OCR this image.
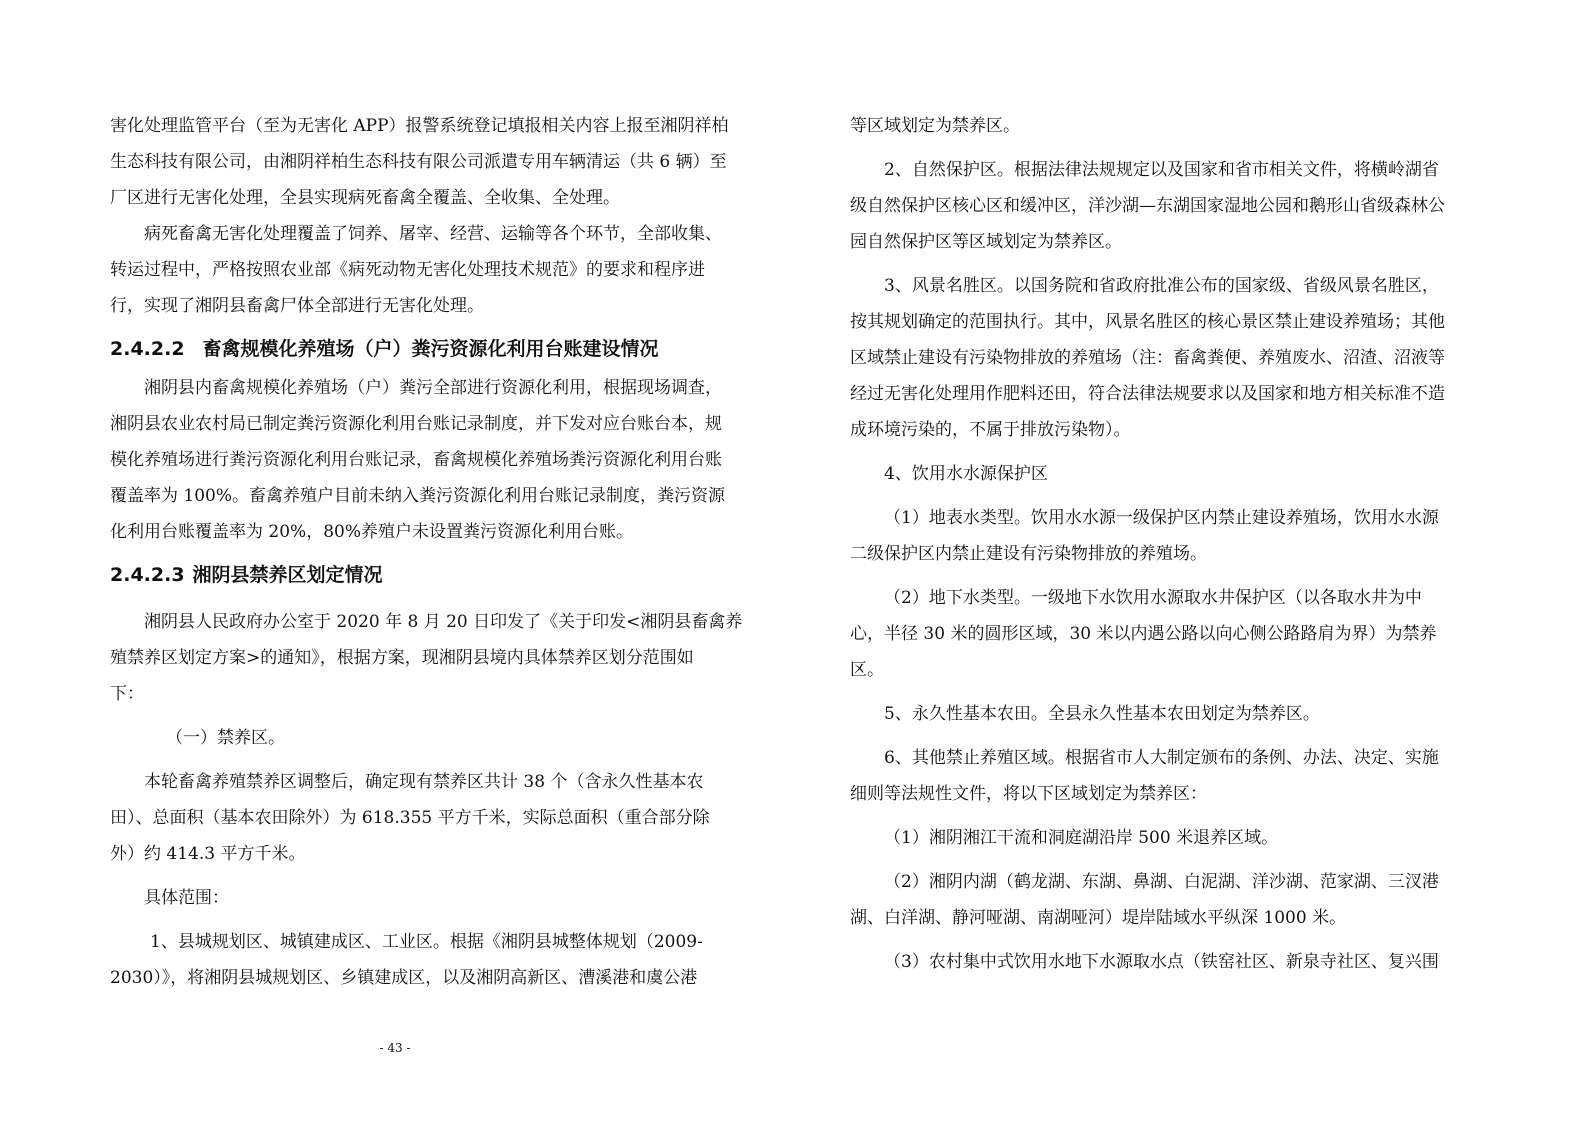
害化处理监管平台（至为无害化 APP）报警系统登记填报相关内容上报至湘阴祥柏
生态科技有限公司，由湘阴祥柏生态科技有限公司派遣专用车辆清运（共 6 辆）至
厂区进行无害化处理，全县实现病死畜禽全覆盖、全收集、全处理。
病死畜禽无害化处理覆盖了饲养、屠宰、经营、运输等各个环节，全部收集、
转运过程中，严格按照农业部《病死动物无害化处理技术规范》的要求和程序进
行，实现了湘阴县畜禽尸体全部进行无害化处理。
2.4.2.2 畜禽规模化养殖场（户）粪污资源化利用台账建设情况
湘阴县内畜禽规模化养殖场（户）粪污全部进行资源化利用，根据现场调查，
湘阴县农业农村局已制定粪污资源化利用台账记录制度，并下发对应台账台本，规
模化养殖场进行粪污资源化利用台账记录，畜禽规模化养殖场粪污资源化利用台账
覆盖率为 100%。畜禽养殖户目前未纳入粪污资源化利用台账记录制度，粪污资源
化利用台账覆盖率为 20%，80%养殖户未设置粪污资源化利用台账。
2.4.2.3 湘阴县禁养区划定情况
湘阴县人民政府办公室于 2020 年 8 月 20 日印发了《关于印发<湘阴县畜禽养
殖禁养区划定方案>的通知》，根据方案，现湘阴县境内具体禁养区划分范围如
下：
（一）禁养区。
本轮畜禽养殖禁养区调整后，确定现有禁养区共计 38 个（含永久性基本农
田）、总面积（基本农田除外）为 618.355 平方千米，实际总面积（重合部分除
外）约 414.3 平方千米。
具体范围：
1、县城规划区、城镇建成区、工业区。根据《湘阴县城整体规划（2009-
2030）》，将湘阴县城规划区、乡镇建成区，以及湘阴高新区、漕溪港和虞公港
等区域划定为禁养区。
2、自然保护区。根据法律法规规定以及国家和省市相关文件，将横岭湖省
级自然保护区核心区和缓冲区，洋沙湖—东湖国家湿地公园和鹅形山省级森林公
园自然保护区等区域划定为禁养区。
3、风景名胜区。以国务院和省政府批准公布的国家级、省级风景名胜区，
按其规划确定的范围执行。其中，风景名胜区的核心景区禁止建设养殖场；其他
区域禁止建设有污染物排放的养殖场（注：畜禽粪便、养殖废水、沼渣、沼液等
经过无害化处理用作肥料还田，符合法律法规要求以及国家和地方相关标准不造
成环境污染的，不属于排放污染物）。
4、饮用水水源保护区
（1）地表水类型。饮用水水源一级保护区内禁止建设养殖场，饮用水水源
二级保护区内禁止建设有污染物排放的养殖场。
（2）地下水类型。一级地下水饮用水源取水井保护区（以各取水井为中
心，半径 30 米的圆形区域，30 米以内遇公路以向心侧公路路肩为界）为禁养
区。
5、永久性基本农田。全县永久性基本农田划定为禁养区。
6、其他禁止养殖区域。根据省市人大制定颁布的条例、办法、决定、实施
细则等法规性文件，将以下区域划定为禁养区：
（1）湘阴湘江干流和洞庭湖沿岸 500 米退养区域。
（2）湘阴内湖（鹤龙湖、东湖、鼻湖、白泥湖、洋沙湖、范家湖、三汊港
湖、白洋湖、静河哑湖、南湖哑河）堤岸陆域水平纵深 1000 米。
（3）农村集中式饮用水地下水源取水点（铁窑社区、新泉寺社区、复兴围
- 43 -
